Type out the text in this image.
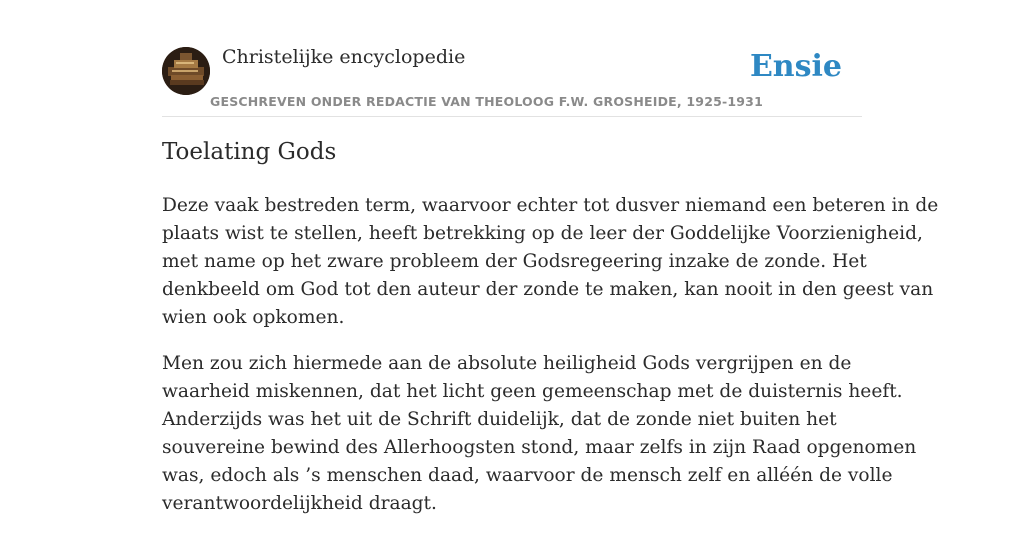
Christelijke encyclopedie
GESCHREVEN ONDER REDACTIE VAN THEOLOOG F.W. GROSHEIDE, 1925-1931
Ensie
Toelating Gods

Deze vaak bestreden term, waarvoor echter tot dusver niemand een beteren in de
plaats wist te stellen, heeft betrekking op de leer der Goddelijke Voorzienigheid,
met name op het zware probleem der Godsregeering inzake de zonde. Het
denkbeeld om God tot den auteur der zonde te maken, kan nooit in den geest van
wien ook opkomen.

Men zou zich hiermede aan de absolute heiligheid Gods vergrijpen en de
waarheid miskennen, dat het licht geen gemeenschap met de duisternis heeft.
Anderzijds was het uit de Schrift duidelijk, dat de zonde niet buiten het
souvereine bewind des Allerhoogsten stond, maar zelfs in zijn Raad opgenomen
was, edoch als ’s menschen daad, waarvoor de mensch zelf en alléén de volle
verantwoordelijkheid draagt.
